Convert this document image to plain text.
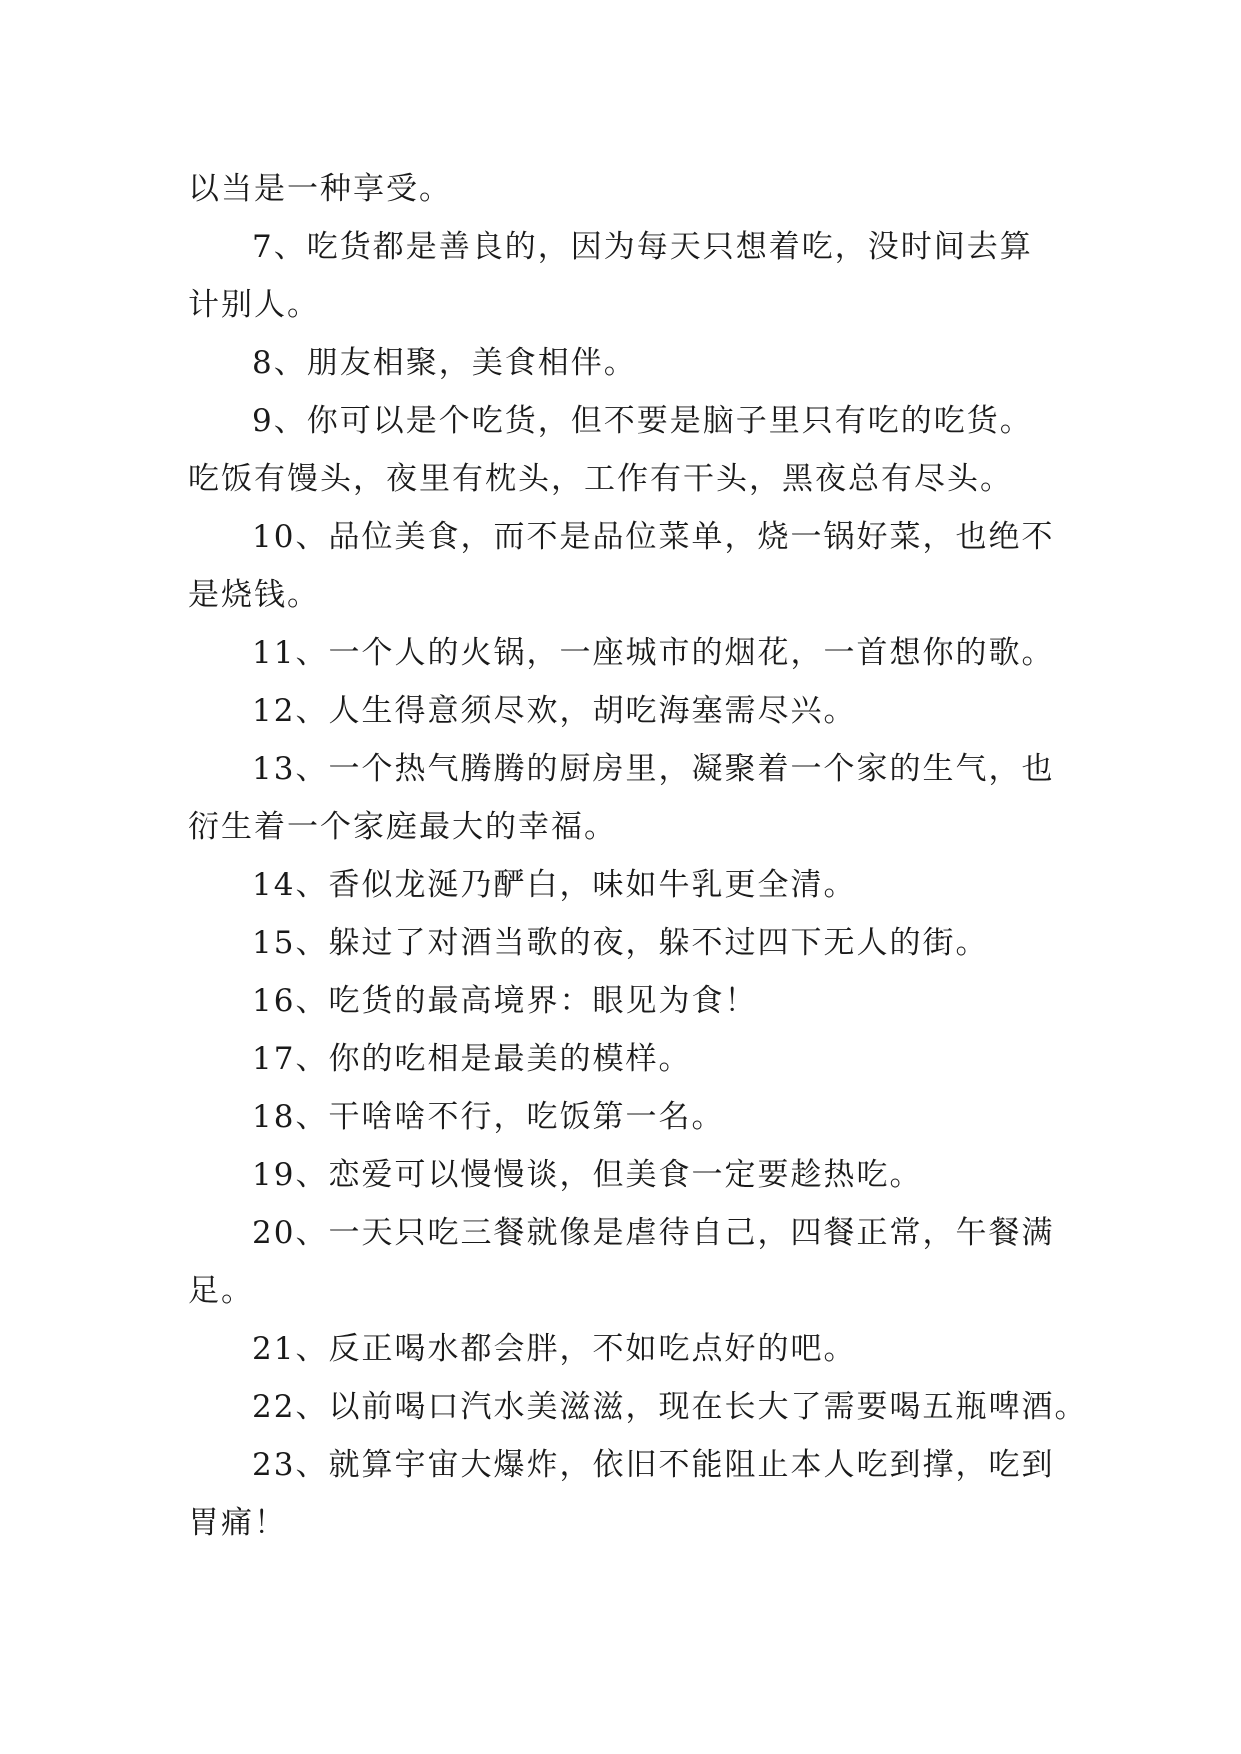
以当是一种享受。
7、吃货都是善良的，因为每天只想着吃，没时间去算
计别人。
8、朋友相聚，美食相伴。
9、你可以是个吃货，但不要是脑子里只有吃的吃货。
吃饭有馒头，夜里有枕头，工作有干头，黑夜总有尽头。
10、品位美食，而不是品位菜单，烧一锅好菜，也绝不
是烧钱。
11、一个人的火锅，一座城市的烟花，一首想你的歌。
12、人生得意须尽欢，胡吃海塞需尽兴。
13、一个热气腾腾的厨房里，凝聚着一个家的生气，也
衍生着一个家庭最大的幸福。
14、香似龙涎乃酽白，味如牛乳更全清。
15、躲过了对酒当歌的夜，躲不过四下无人的街。
16、吃货的最高境界：眼见为食！
17、你的吃相是最美的模样。
18、干啥啥不行，吃饭第一名。
19、恋爱可以慢慢谈，但美食一定要趁热吃。
20、一天只吃三餐就像是虐待自己，四餐正常，午餐满
足。
21、反正喝水都会胖，不如吃点好的吧。
22、以前喝口汽水美滋滋，现在长大了需要喝五瓶啤酒。
23、就算宇宙大爆炸，依旧不能阻止本人吃到撑，吃到
胃痛！
